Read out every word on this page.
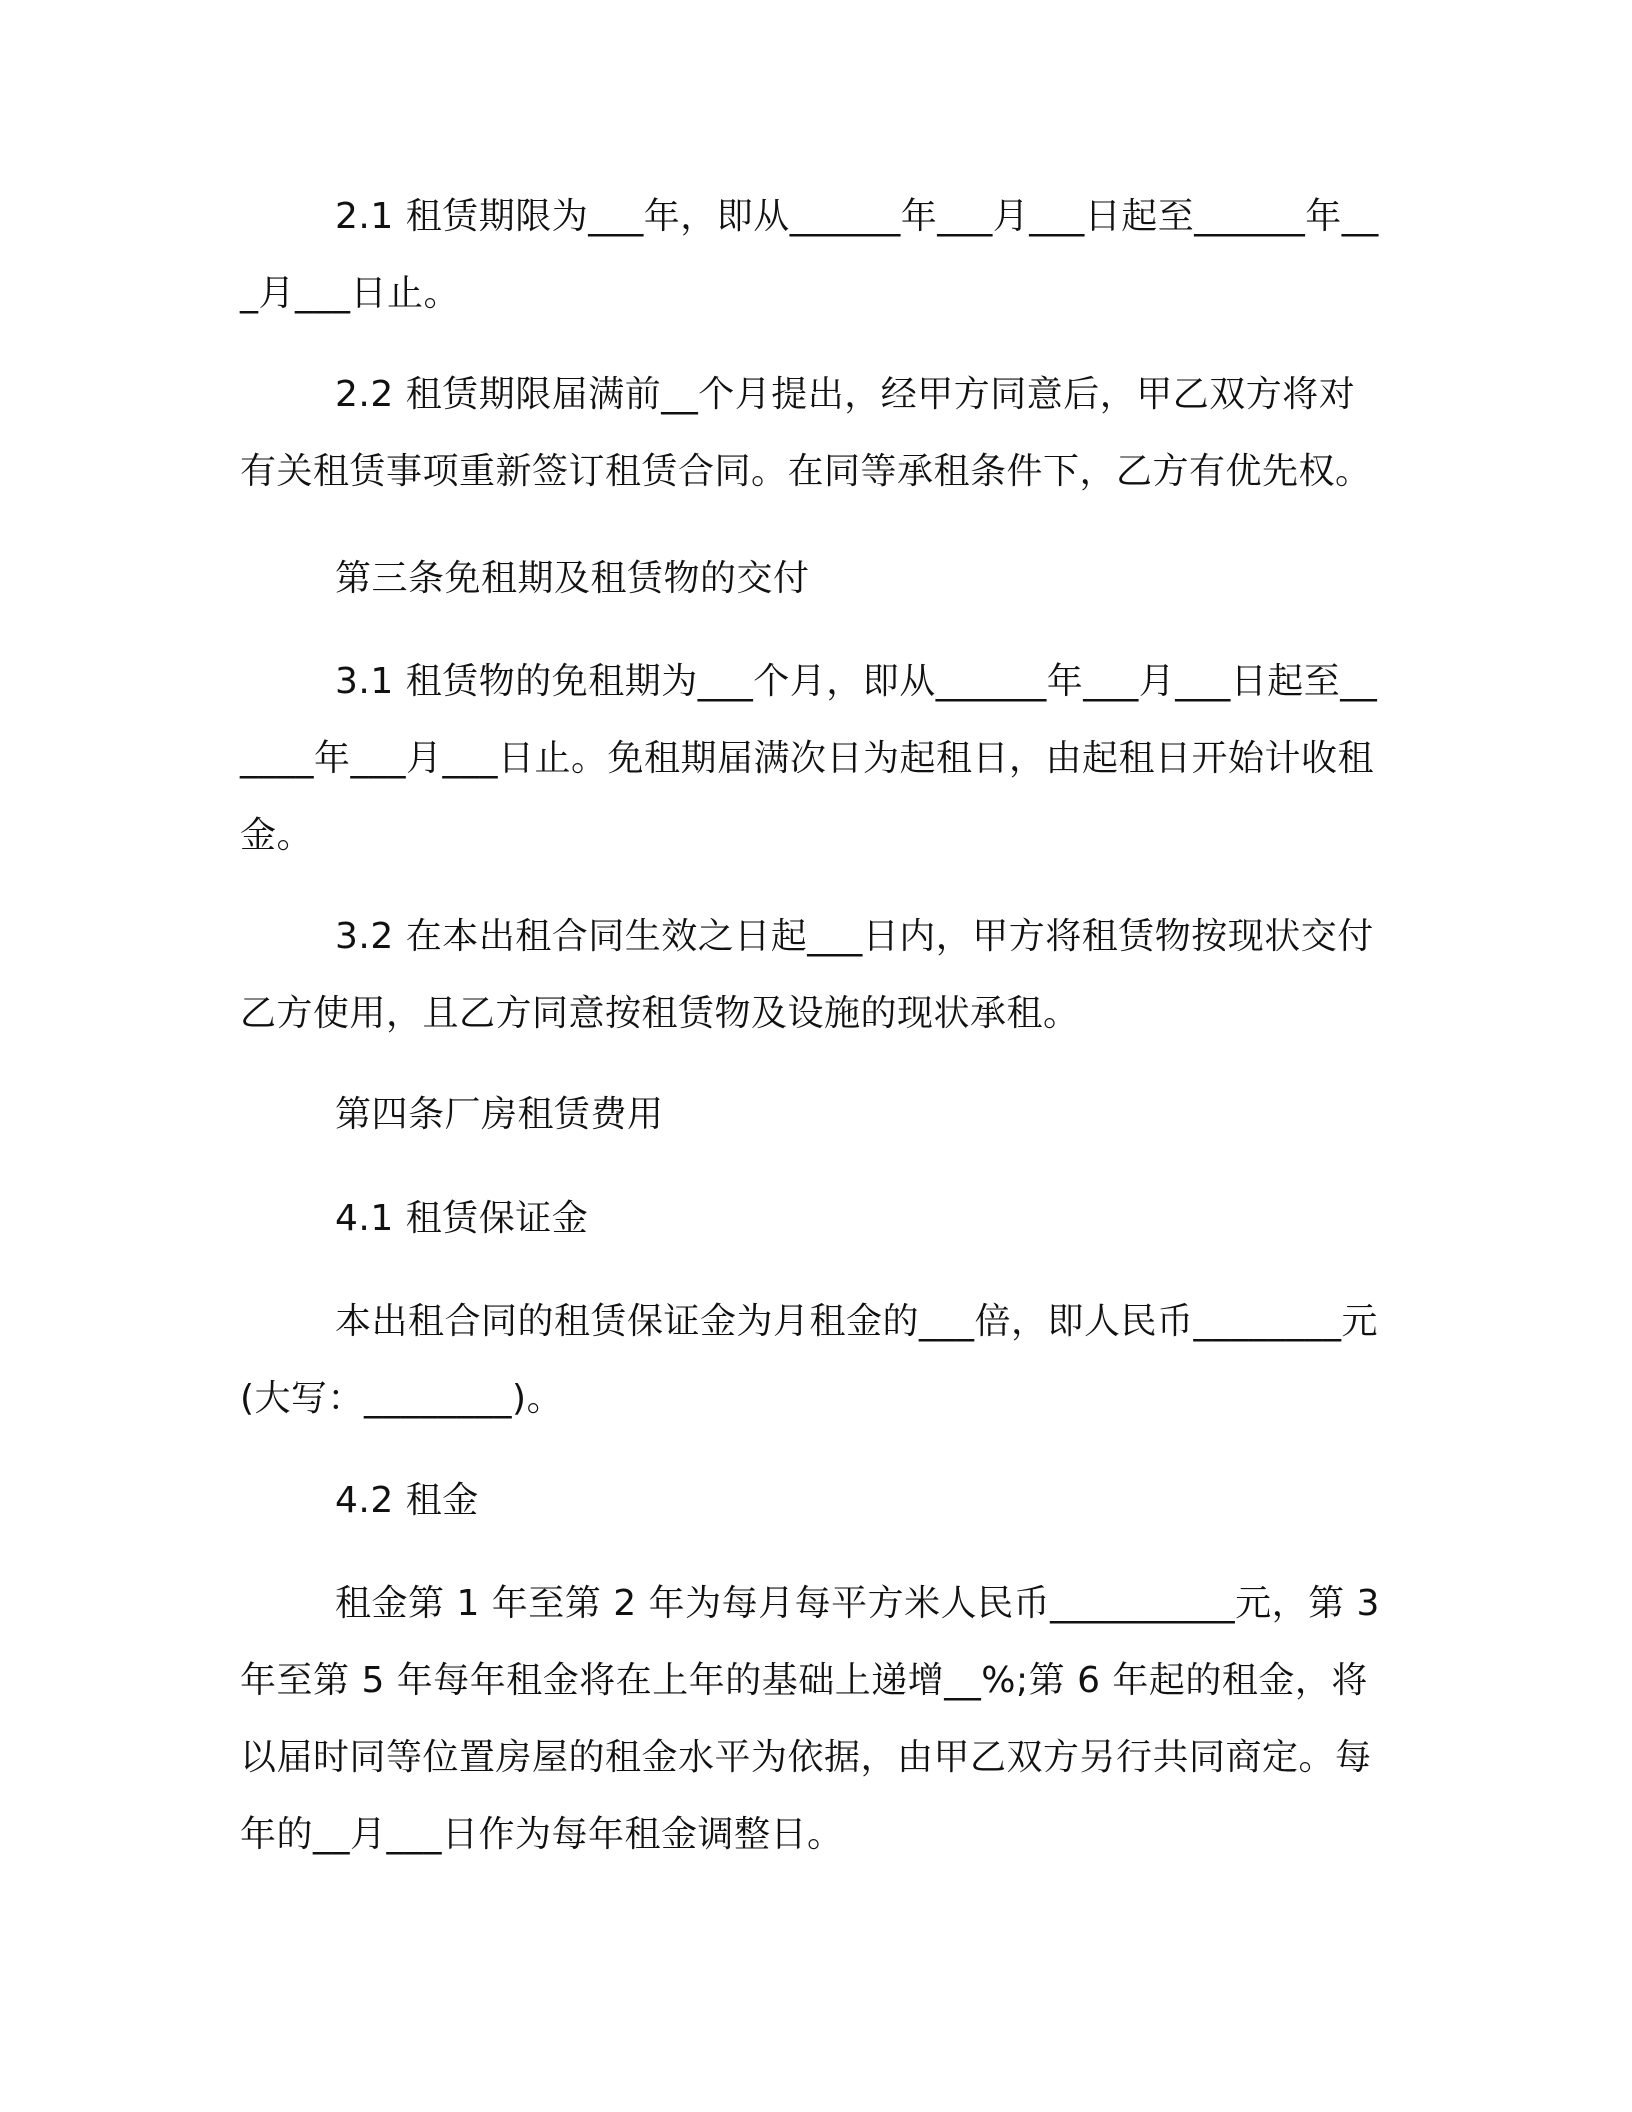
2.1 租赁期限为___年，即从______年___月___日起至______年___月___日止。

2.2 租赁期限届满前__个月提出，经甲方同意后，甲乙双方将对有关租赁事项重新签订租赁合同。在同等承租条件下，乙方有优先权。

第三条免租期及租赁物的交付

3.1 租赁物的免租期为___个月，即从______年___月___日起至______年___月___日止。免租期届满次日为起租日，由起租日开始计收租金。

3.2 在本出租合同生效之日起___日内，甲方将租赁物按现状交付乙方使用，且乙方同意按租赁物及设施的现状承租。

第四条厂房租赁费用

4.1 租赁保证金

本出租合同的租赁保证金为月租金的___倍，即人民币________元(大写：________)。

4.2 租金

租金第 1 年至第 2 年为每月每平方米人民币__________元，第 3 年至第 5 年每年租金将在上年的基础上递增__%;第 6 年起的租金，将以届时同等位置房屋的租金水平为依据，由甲乙双方另行共同商定。每年的__月___日作为每年租金调整日。
